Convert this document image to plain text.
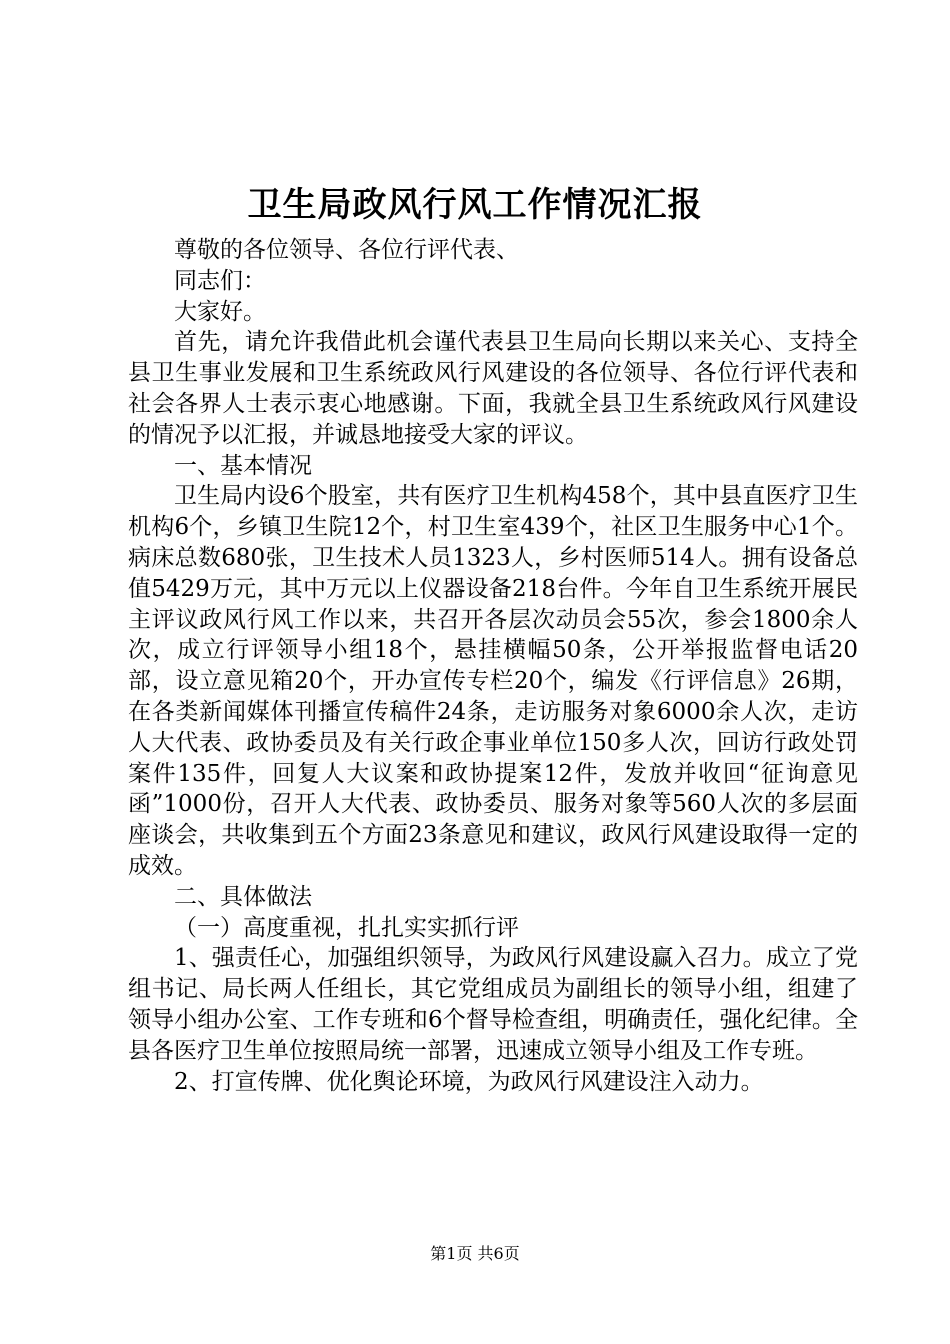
卫生局政风行风工作情况汇报

尊敬的各位领导、各位行评代表、

同志们：

大家好。

首先，请允许我借此机会谨代表县卫生局向长期以来关心、支持全县卫生事业发展和卫生系统政风行风建设的各位领导、各位行评代表和社会各界人士表示衷心地感谢。下面，我就全县卫生系统政风行风建设的情况予以汇报，并诚恳地接受大家的评议。

一、基本情况

卫生局内设6个股室，共有医疗卫生机构458个，其中县直医疗卫生机构6个，乡镇卫生院12个，村卫生室439个，社区卫生服务中心1个。病床总数680张，卫生技术人员1323人，乡村医师514人。拥有设备总值5429万元，其中万元以上仪器设备218台件。今年自卫生系统开展民主评议政风行风工作以来，共召开各层次动员会55次，参会1800余人次，成立行评领导小组18个，悬挂横幅50条，公开举报监督电话20部，设立意见箱20个，开办宣传专栏20个，编发《行评信息》26期，在各类新闻媒体刊播宣传稿件24条，走访服务对象6000余人次，走访人大代表、政协委员及有关行政企事业单位150多人次，回访行政处罚案件135件，回复人大议案和政协提案12件，发放并收回“征询意见函”1000份，召开人大代表、政协委员、服务对象等560人次的多层面座谈会，共收集到五个方面23条意见和建议，政风行风建设取得一定的成效。

二、具体做法

（一）高度重视，扎扎实实抓行评

1、强责任心，加强组织领导，为政风行风建设赢入召力。成立了党组书记、局长两人任组长，其它党组成员为副组长的领导小组，组建了领导小组办公室、工作专班和6个督导检查组，明确责任，强化纪律。全县各医疗卫生单位按照局统一部署，迅速成立领导小组及工作专班。

2、打宣传牌、优化舆论环境，为政风行风建设注入动力。

第1页 共6页
